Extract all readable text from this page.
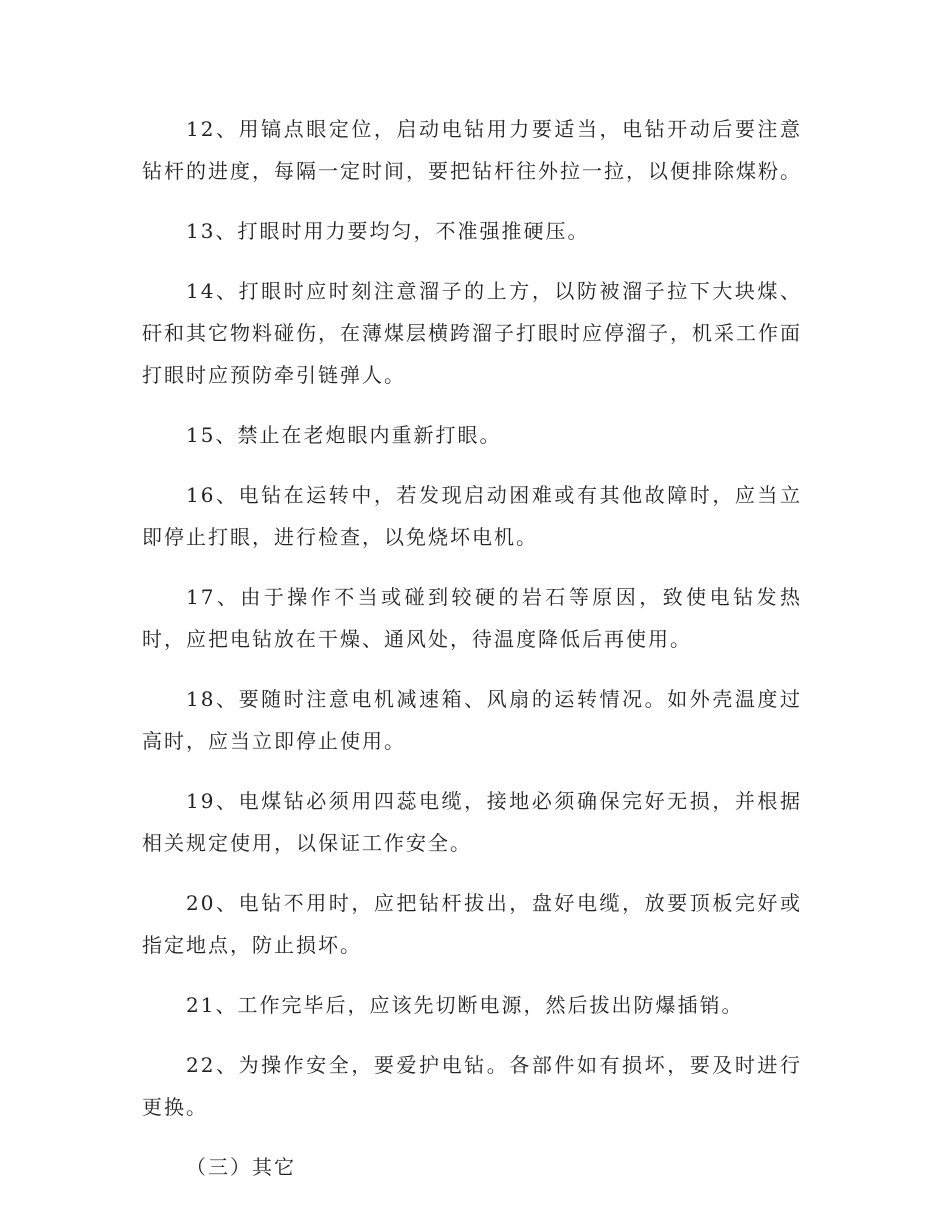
12、用镐点眼定位，启动电钻用力要适当，电钻开动后要注意钻杆的进度，每隔一定时间，要把钻杆往外拉一拉，以便排除煤粉。

13、打眼时用力要均匀，不准强推硬压。

14、打眼时应时刻注意溜子的上方，以防被溜子拉下大块煤、矸和其它物料碰伤，在薄煤层横跨溜子打眼时应停溜子，机采工作面打眼时应预防牵引链弹人。

15、禁止在老炮眼内重新打眼。

16、电钻在运转中，若发现启动困难或有其他故障时，应当立即停止打眼，进行检查，以免烧坏电机。

17、由于操作不当或碰到较硬的岩石等原因，致使电钻发热时，应把电钻放在干燥、通风处，待温度降低后再使用。

18、要随时注意电机减速箱、风扇的运转情况。如外壳温度过高时，应当立即停止使用。

19、电煤钻必须用四蕊电缆，接地必须确保完好无损，并根据相关规定使用，以保证工作安全。

20、电钻不用时，应把钻杆拔出，盘好电缆，放要顶板完好或指定地点，防止损坏。

21、工作完毕后，应该先切断电源，然后拔出防爆插销。

22、为操作安全，要爱护电钻。各部件如有损坏，要及时进行更换。

（三）其它
